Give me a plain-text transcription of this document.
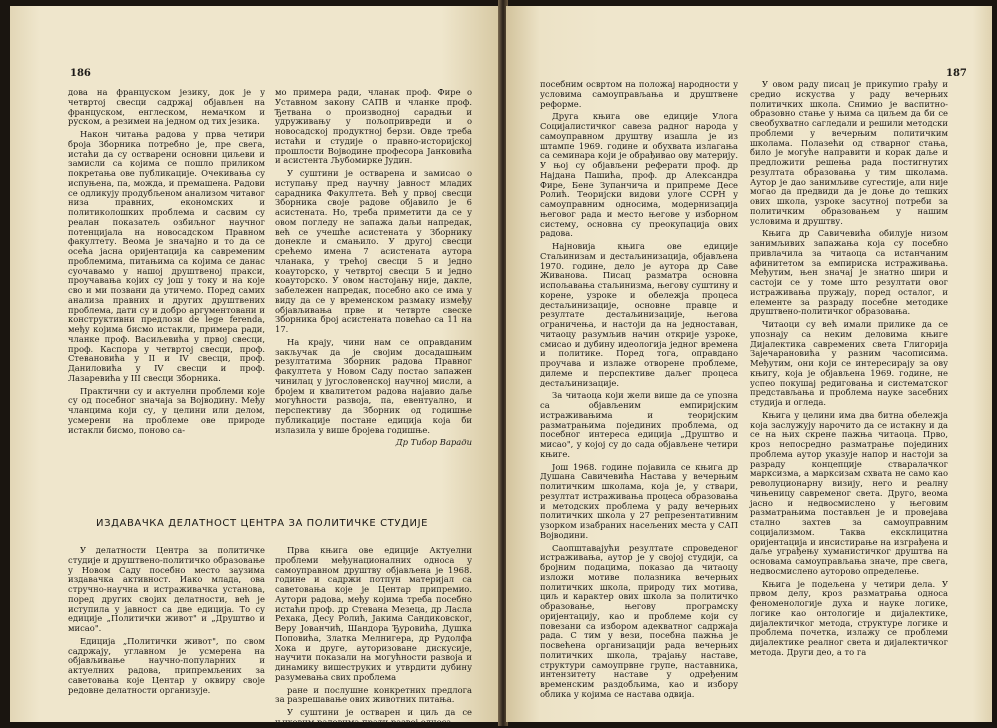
186

дова на француском језику, док је у четвртој свесци садржај објављен на француском, енглеском, немачком и руском, а резимеи на једном од тих језика.

Након читања радова у прва четири броја Зборника потребно је, пре свега, истаћи да су остварени основни циљеви и замисли са којима се пошло приликом покретања ове публикације. Очекивања су испуњена, па, можда, и премашена. Радови се одликују продубљеном анализом читавог низа правних, економских и политиколошких проблема и сасвим су реалан показатељ озбиљног научног потенцијала на новосадском Правном факултету. Веома је значајно и то да се осећа јасна оријентација ка савременим проблемима, питањима са којима се данас суочавамо у нашој друштвеној пракси, проучавања којих су још у току и на које сво и ми позвани да утичемо. Поред самих анализа правних и других друштвених проблема, дати су и добро аргументовани и конструктивни предлози de lege ferenda, међу којима бисмо истакли, примера ради, чланке проф. Васиљевића у првој свесци, проф. Каспора у четвртој свесци, проф. Стевановића у II и IV свесци, проф. Даниловића у IV свесци и проф. Лазаревића у III свесци Зборника.

Практични су и актуелни проблеми које су од посебног значаја за Војводину. Међу чланцима који су, у целини или делом, усмерени на проблеме ове природе истакли бисмо, поново са-

мо примера ради, чланак проф. Фире о Уставном закону САПВ и чланке проф. Ђетвана о производној сарадњи и удруживању у пољопривреди и о новосадској продуктној берзи. Овде треба истаћи и студије о правно-историјској прошлости Војводине професора Јанковића и асистента Љубомирке Јудин.

У суштини је остварена и замисао о иступању пред научну јавност младих сарадника Факултета. Већ у првој свесци Зборника своје радове објавило је 6 асистената. Но, треба приметити да се у овом погледу не запажа даљи напредак, већ се учешће асистената у Зборнику донекле и смањило. У другој свесци срећемо имена 7 асистената аутора чланака, у трећој свесци 5 и једно коауторско, у четвртој свесци 5 и једно коауторско. У овом настојању није, дакле, забележен напредак, посебно ако се има у виду да се у временском размаку између објављивања прве и четврте свеске Зборника број асистената повећао са 11 на 17.

На крају, чини нам се оправданим закључак да је својим досадашњим резултатима Зборник радова Правног факултета у Новом Саду постао запажен чинилац у југословенској научној мисли, а бројем и квалитетом радова најавио даље могућности развоја, па, евентуално, и перспективу да Зборник од годишње публикације постане едиција која би излазила у више бројева годишње.

Др Тибор Варади

ИЗДАВАЧКА ДЕЛАТНОСТ ЦЕНТРА ЗА ПОЛИТИЧКЕ СТУДИЈЕ

У делатности Центра за политичке студије и друштвено-политичко образовање у Новом Саду посебно место заузима издавачка активност. Иако млада, ова стручно-научна и истраживачка установа, поред других својих делатности, већ је иступила у јавност са две едиција. То су едиције „Политички живот" и „Друштво и мисао".

Едиција „Политички живот", по свом садржају, углавном је усмерена на објављивање научно-популарних и актуелних радова, припремљених за саветовања које Центар у оквиру своје редовне делатности организује.

Прва књига ове едиције Актуелни проблеми међунационалних односа у самоуправном друштву објављена је 1968. године и садржи потпун материјал са саветовања које је Центар припремио. Аутори радова, међу којима треба посебно истаћи проф. др Стевана Мезеца, др Ласла Рехака, Десу Ролић, Јакима Сандиковског, Веру Јованчић, Шандора Ђуровића, Душка Поповића, Златка Мелнигера, др Рудолфа Хока и друге, ауторизоване дискусије, научити показали на могућности развоја и динамику вишеструких и утврдити дубину разумевања свих проблема

ране и послушне конкретних предлога за разрешавање ових животних питања.

У суштини је остварен и циљ да се њиховим радовима прати развој односа

187

посебним освртом на положај народности у условима самоуправљања и друштвене реформе.

Друга књига ове едиције Улога Социјалистичког савеза радног народа у самоуправном друштву изашла је из штампе 1969. године и обухвата излагања са семинара који је обрађивао ову материју. У њој су објављени реферати проф. др Најдана Пашића, проф. др Александра Фире, Бене Зупанчича и припреме Десе Ролић. Теоријски видови улоге ССРН у самоуправним односима, модернизација његовог рада и место његове у изборном систему, основна су преокупација ових радова.

Најновија књига ове едиције Стаљинизам и дестаљинизација, објављена 1970. године, дело је аутора др Саве Живанова. Писац разматра основна испољавања стаљинизма, његову суштину и корене, узроке и обележја процеса дестаљинизације, основне правце и резултате дестаљинизације, његова ограничења, и настоји да на једноставан, читаоцу разумљив начин открије узроке, смисао и дубину идеологија једног времена и политике. Поред тога, оправдано проучава и излаже отворене проблеме, дилеме и перспективе даљег процеса дестаљинизације.

За читаоца који жели више да се упозна са објављеним емпиријским истраживањима и теоријским разматрањима појединих проблема, од посебног интереса едиција „Друштво и мисао", у којој су до сада објављене четири књиге.

Још 1968. године појавила се књига др Душана Савичевића Настава у вечерњим политичким школама, која је, у ствари, резултат истраживања процеса образовања и методских проблема у раду вечерњих политичких школа у 27 репрезентативним узорком изабраних насељених места у САП Војводини.

Саопштавајући резултате спроведеног истраживања, аутор је у својој студији, са бројним подацима, показао да читаоцу изложи мотиве полазника вечерњих политичких школа, природу тих мотива, циљ и карактер ових школа за политичко образовање, његову програмску оријентацију, као и проблеме који су повезани са избором адекватног садржаја рада. С тим у вези, посебна пажња је посвећена организацији рада вечерњих политичких школа, трајању наставе, структури самоупрвне групе, наставника, интензитету наставе у одређеним временским раздобљима, као и избору облика у којима се настава одвија.

У овом раду писац је прикупио грађу и средио искуства у раду вечерњих политичких школа. Снимио је васпитно-образовно стање у њима са циљем да би се свеобухватно сагледали и решили методски проблеми у вечерњим политичким школама. Полазећи од стварног стања, било је могуће направити и корак даље и предложити решења рада постигнутих резултата образовања у тим школама. Аутор је дао занимљиве сугестије, али није могао да предвиди да је доње до тешких ових школа, узроке засутној потреби за политичким образовањем у нашим условима и друштву.

Књига др Савичевића обилује низом занимљивих запажања која су посебно привлачила за читаоца са истанчаним афинитетом за емпириска истраживања. Међутим, њен значај је знатно шири и састоји се у томе што резултати овог истраживања пружају, поред осталог, и елементе за разраду посебне методике друштвено-политичког образовања.

Читаоци су већ имали прилике да се упознају са неким деловима књиге Дијалектика савремених света Глигорија Зајечарановића у разним часописима. Међутим, они који се интересирају за ову књигу, која је објављена 1969. године, не успео покушај редиговања и систематског представљања и проблема науке засебних студија и огледа.

Књига у целини има два битна обележја која заслужују нарочито да се истакну и да се на њих скрене пажња читаоца. Прво, кроз непосредно разматрање појединих проблема аутор указује напор и настоји за разраду концепције стваралачког марксизма, а марксизам схвата не само као револуционарну визију, него и реалну чињеницу савременог света. Друго, веома јасно и недвосмислено у његовим разматрањима постављен је и провејава стално захтев за самоуправним социјализмом. Таква ексклицитна оријентација и инсистирање на изграђена и даље уграђењу хуманистичког друштва на основама самоуправљања значе, пре свега, недвосмислено ауторово определење.

Књига је подељена у четири дела. У првом делу, кроз разматрања односа феноменологије духа и науке логике, логике као онтологије и дијалектике, дијалектичког метода, структуре логике и проблема почетка, излажу се проблеми дијалектике реалног света и дијалектичког метода. Други део, а то га
